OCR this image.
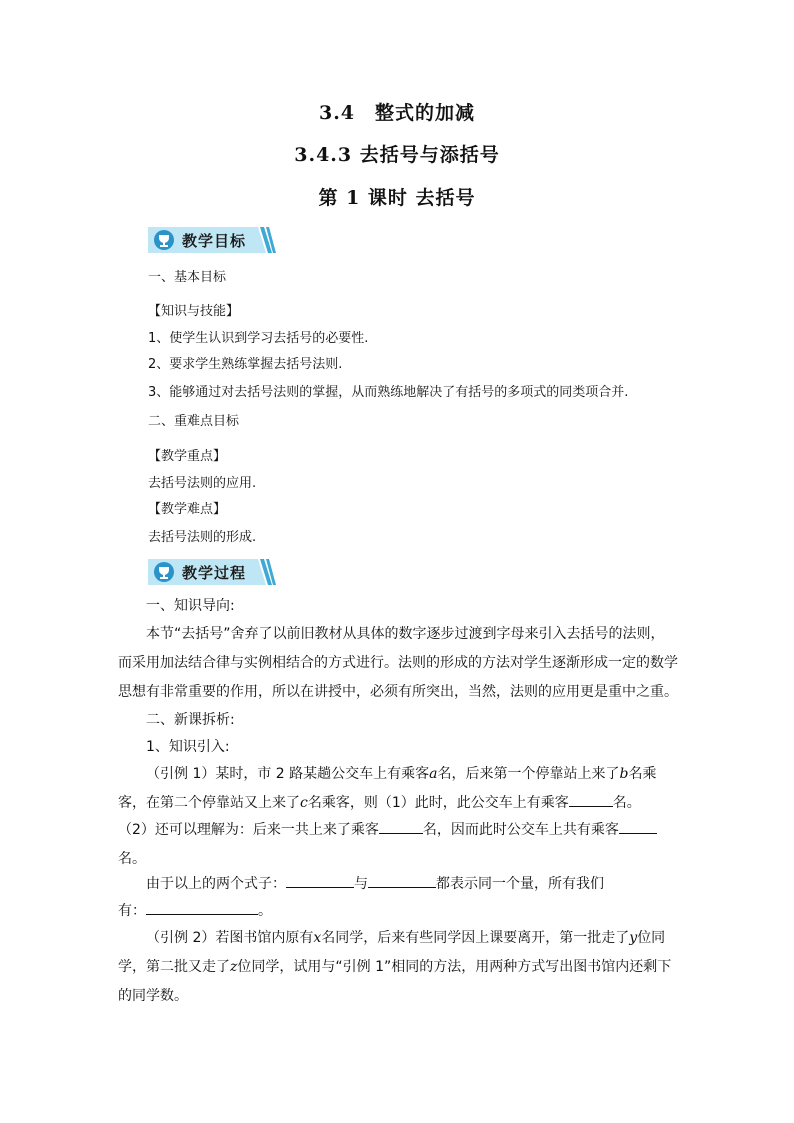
3.4　整式的加减
3.4.3 去括号与添括号
第 1 课时 去括号
教学目标
一、基本目标
【知识与技能】
1、使学生认识到学习去括号的必要性.
2、要求学生熟练掌握去括号法则.
3、能够通过对去括号法则的掌握，从而熟练地解决了有括号的多项式的同类项合并.
二、重难点目标
【教学重点】
去括号法则的应用.
【教学难点】
去括号法则的形成.
教学过程
一、知识导向:
本节“去括号”舍弃了以前旧教材从具体的数字逐步过渡到字母来引入去括号的法则，而采用加法结合律与实例相结合的方式进行。法则的形成的方法对学生逐渐形成一定的数学思想有非常重要的作用，所以在讲授中，必须有所突出，当然，法则的应用更是重中之重。
二、新课拆析:
1、知识引入:
（引例 1）某时，市 2 路某趟公交车上有乘客a名，后来第一个停靠站上来了b名乘客，在第二个停靠站又上来了c名乘客，则（1）此时，此公交车上有乘客	名。
（2）还可以理解为：后来一共上来了乘客	名，因而此时公交车上共有乘客名。
由于以上的两个式子：	与	都表示同一个量，所有我们
有：	。
（引例 2）若图书馆内原有x名同学，后来有些同学因上课要离开，第一批走了y位同学，第二批又走了z位同学，试用与“引例 1”相同的方法，用两种方式写出图书馆内还剩下的同学数。
